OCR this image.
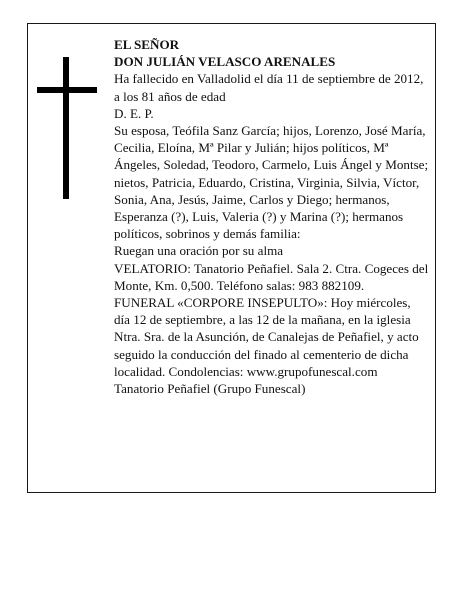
EL SEÑOR

DON JULIÁN VELASCO ARENALES

Ha fallecido en Valladolid el día 11 de septiembre de 2012, a los 81 años de edad

D. E. P.

Su esposa, Teófila Sanz García; hijos, Lorenzo, José María, Cecilia, Eloína, Mª Pilar y Julián; hijos políticos, Mª Ángeles, Soledad, Teodoro, Carmelo, Luis Ángel y Montse; nietos, Patricia, Eduardo, Cristina, Virginia, Silvia, Víctor, Sonia, Ana, Jesús, Jaime, Carlos y Diego; hermanos, Esperanza (?), Luis, Valeria (?) y Marina (?); hermanos políticos, sobrinos y demás familia:

Ruegan una oración por su alma

VELATORIO: Tanatorio Peñafiel. Sala 2. Ctra. Cogeces del Monte, Km. 0,500. Teléfono salas: 983 882109.

FUNERAL «CORPORE INSEPULTO»: Hoy miércoles, día 12 de septiembre, a las 12 de la mañana, en la iglesia Ntra. Sra. de la Asunción, de Canalejas de Peñafiel, y acto seguido la conducción del finado al cementerio de dicha localidad. Condolencias: www.grupofunescal.com

Tanatorio Peñafiel (Grupo Funescal)
